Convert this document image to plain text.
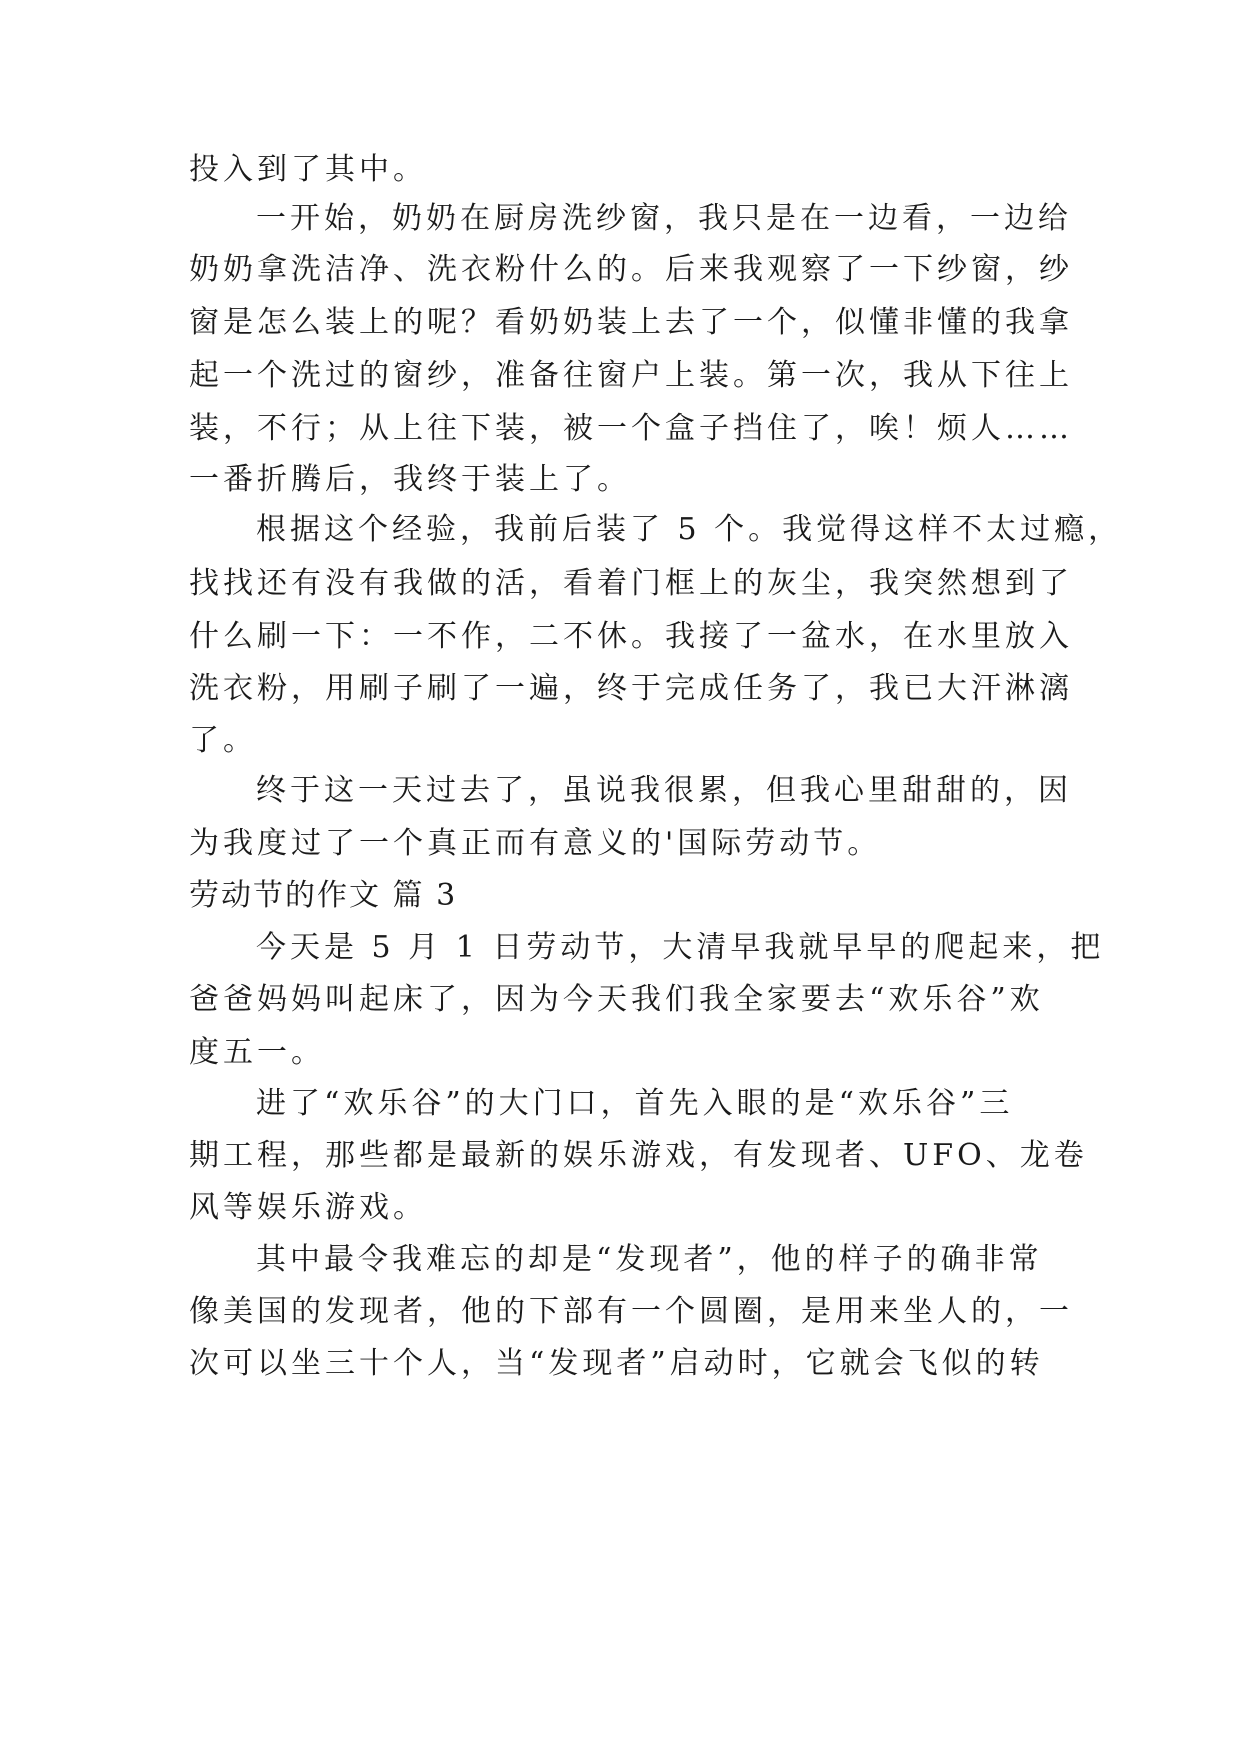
投入到了其中。
一开始，奶奶在厨房洗纱窗，我只是在一边看，一边给
奶奶拿洗洁净、洗衣粉什么的。后来我观察了一下纱窗，纱
窗是怎么装上的呢？看奶奶装上去了一个，似懂非懂的我拿
起一个洗过的窗纱，准备往窗户上装。第一次，我从下往上
装，不行；从上往下装，被一个盒子挡住了，唉！烦人……
一番折腾后，我终于装上了。
根据这个经验，我前后装了 5 个。我觉得这样不太过瘾，
找找还有没有我做的活，看着门框上的灰尘，我突然想到了
什么刷一下：一不作，二不休。我接了一盆水，在水里放入
洗衣粉，用刷子刷了一遍，终于完成任务了，我已大汗淋漓
了。
终于这一天过去了，虽说我很累，但我心里甜甜的，因
为我度过了一个真正而有意义的'国际劳动节。
劳动节的作文 篇 3
今天是 5 月 1 日劳动节，大清早我就早早的爬起来，把
爸爸妈妈叫起床了，因为今天我们我全家要去“欢乐谷”欢
度五一。
进了“欢乐谷”的大门口，首先入眼的是“欢乐谷”三
期工程，那些都是最新的娱乐游戏，有发现者、UFO、龙卷
风等娱乐游戏。
其中最令我难忘的却是“发现者”，他的样子的确非常
像美国的发现者，他的下部有一个圆圈，是用来坐人的，一
次可以坐三十个人，当“发现者”启动时，它就会飞似的转
